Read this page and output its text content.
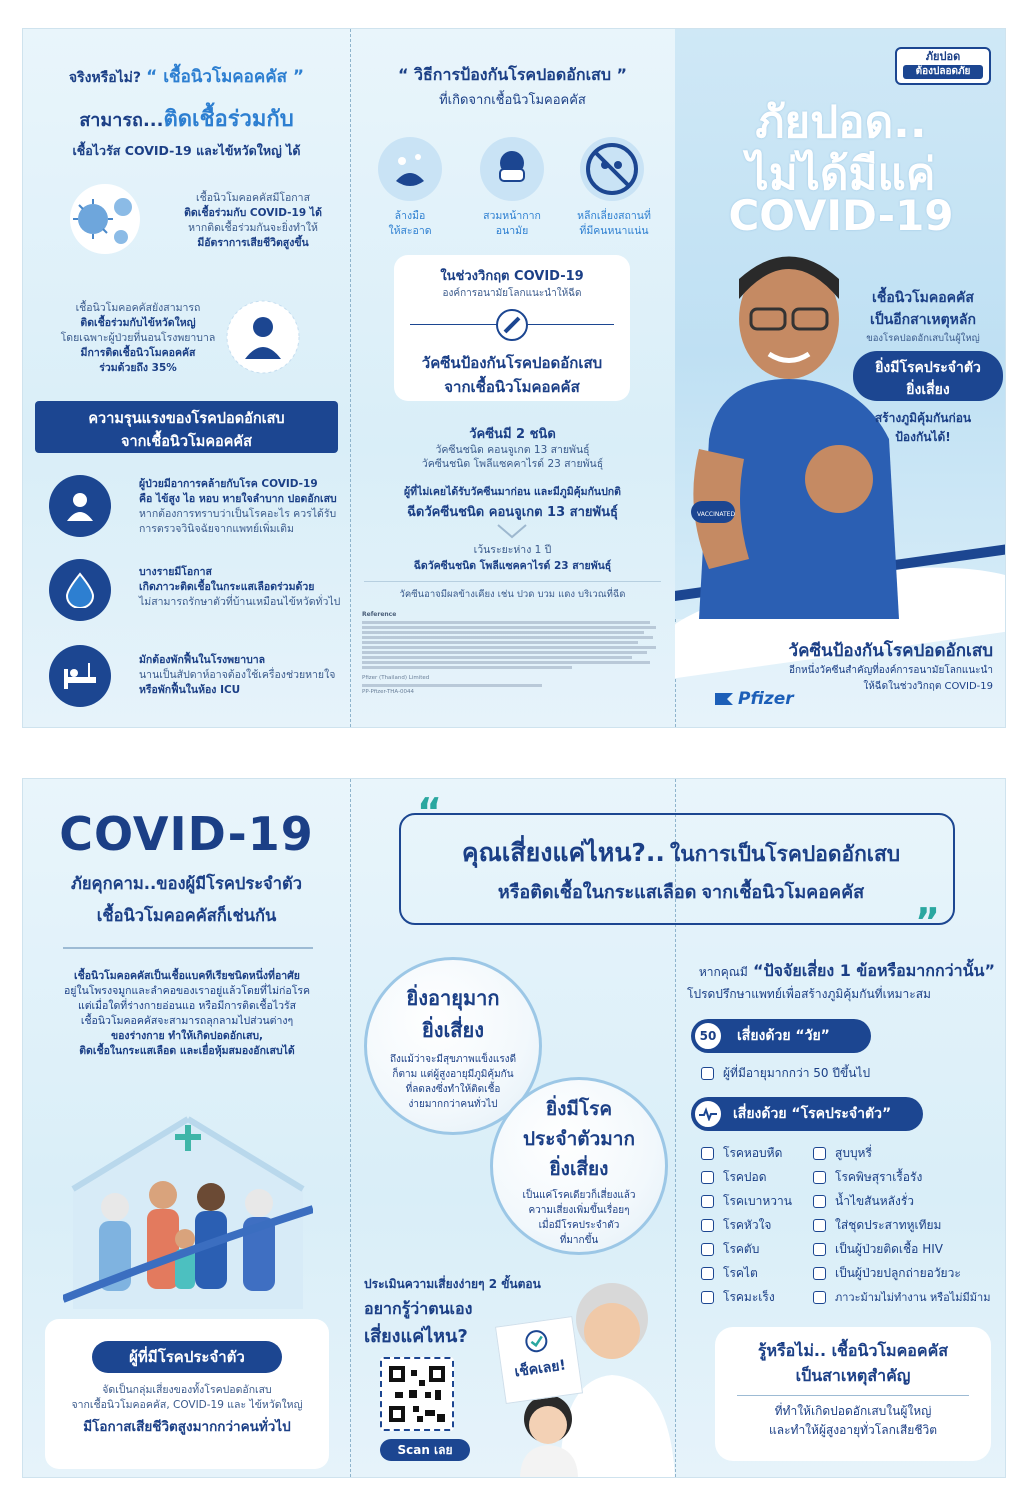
จริงหรือไม่? “ เชื้อนิวโมคอคคัส ”
สามารถ...ติดเชื้อร่วมกับ
เชื้อไวรัส COVID-19 และไข้หวัดใหญ่ ได้
เชื้อนิวโมคอคคัสมีโอกาส
ติดเชื้อร่วมกับ COVID-19 ได้
หากติดเชื้อร่วมกันจะยิ่งทำให้
มีอัตราการเสียชีวิตสูงขึ้น
เชื้อนิวโมคอคคัสยังสามารถ
ติดเชื้อร่วมกับไข้หวัดใหญ่
โดยเฉพาะผู้ป่วยที่นอนโรงพยาบาล
มีการติดเชื้อนิวโมคอคคัส
ร่วมด้วยถึง 35%
ความรุนแรงของโรคปอดอักเสบ
จากเชื้อนิวโมคอคคัส
ผู้ป่วยมีอาการคล้ายกับโรค COVID-19
คือ ไข้สูง ไอ หอบ หายใจลำบาก ปอดอักเสบ
หากต้องการทราบว่าเป็นโรคอะไร ควรได้รับ
การตรวจวินิจฉัยจากแพทย์เพิ่มเติม
บางรายมีโอกาส
เกิดภาวะติดเชื้อในกระแสเลือดร่วมด้วย
ไม่สามารถรักษาตัวที่บ้านเหมือนไข้หวัดทั่วไป
มักต้องพักฟื้นในโรงพยาบาล
นานเป็นสัปดาห์อาจต้องใช้เครื่องช่วยหายใจ
หรือพักฟื้นในห้อง ICU
“ วิธีการป้องกันโรคปอดอักเสบ ”
ที่เกิดจากเชื้อนิวโมคอคคัส
ล้างมือ
ให้สะอาด
สวมหน้ากาก
อนามัย
หลีกเลี่ยงสถานที่
ที่มีคนหนาแน่น
ในช่วงวิกฤต COVID-19
องค์การอนามัยโลกแนะนำให้ฉีด
วัคซีนป้องกันโรคปอดอักเสบ
จากเชื้อนิวโมคอคคัส
วัคซีนมี 2 ชนิด
วัคซีนชนิด คอนจูเกต 13 สายพันธุ์
วัคซีนชนิด โพลีแซคคาไรด์ 23 สายพันธุ์
ผู้ที่ไม่เคยได้รับวัคซีนมาก่อน และมีภูมิคุ้มกันปกติ
ฉีดวัคซีนชนิด คอนจูเกต 13 สายพันธุ์
เว้นระยะห่าง 1 ปี
ฉีดวัคซีนชนิด โพลีแซคคาไรด์ 23 สายพันธุ์
วัคซีนอาจมีผลข้างเคียง เช่น ปวด บวม แดง บริเวณที่ฉีด
Reference
Pfizer (Thailand) Limited
PP-Pfizer-THA-0044
ภัยปอด
ต้องปลอดภัย
ภัยปอด..
ไม่ได้มีแค่
COVID-19
VACCINATED
เชื้อนิวโมคอคคัส
เป็นอีกสาเหตุหลัก
ของโรคปอดอักเสบในผู้ใหญ่
ยิ่งมีโรคประจำตัว
ยิ่งเสี่ยง
สร้างภูมิคุ้มกันก่อน
ป้องกันได้!
วัคซีนป้องกันโรคปอดอักเสบ
อีกหนึ่งวัคซีนสำคัญที่องค์การอนามัยโลกแนะนำ
ให้ฉีดในช่วงวิกฤต COVID-19
Pfizer
COVID-19
ภัยคุกคาม..ของผู้มีโรคประจำตัว
เชื้อนิวโมคอคคัสก็เช่นกัน
เชื้อนิวโมคอคคัสเป็นเชื้อแบคทีเรียชนิดหนึ่งที่อาศัย
อยู่ในโพรงจมูกและลำคอของเราอยู่แล้วโดยที่ไม่ก่อโรค
แต่เมื่อใดที่ร่างกายอ่อนแอ หรือมีการติดเชื้อไวรัส
เชื้อนิวโมคอคคัสจะสามารถลุกลามไปส่วนต่างๆ
ของร่างกาย ทำให้เกิดปอดอักเสบ,
ติดเชื้อในกระแสเลือด และเยื่อหุ้มสมองอักเสบได้
ผู้ที่มีโรคประจำตัว
จัดเป็นกลุ่มเสี่ยงของทั้งโรคปอดอักเสบ
จากเชื้อนิวโมคอคคัส, COVID-19 และ ไข้หวัดใหญ่
มีโอกาสเสียชีวิตสูงมากกว่าคนทั่วไป
“
”
คุณเสี่ยงแค่ไหน?.. ในการเป็นโรคปอดอักเสบ
หรือติดเชื้อในกระแสเลือด จากเชื้อนิวโมคอคคัส
ยิ่งอายุมาก
ยิ่งเสี่ยง
ถึงแม้ว่าจะมีสุขภาพแข็งแรงดี
ก็ตาม แต่ผู้สูงอายุมีภูมิคุ้มกัน
ที่ลดลงซึ่งทำให้ติดเชื้อ
ง่ายมากกว่าคนทั่วไป	ยิ่งมีโรค
ประจำตัวมาก
ยิ่งเสี่ยง
เป็นแค่โรคเดียวก็เสี่ยงแล้ว
ความเสี่ยงเพิ่มขึ้นเรื่อยๆ
เมื่อมีโรคประจำตัว
ที่มากขึ้น
ประเมินความเสี่ยงง่ายๆ 2 ขั้นตอน
อยากรู้ว่าตนเอง
เสี่ยงแค่ไหน?
Scan เลย
เช็คเลย!
หากคุณมี “ปัจจัยเสี่ยง 1 ข้อหรือมากกว่านั้น”
โปรดปรึกษาแพทย์เพื่อสร้างภูมิคุ้มกันที่เหมาะสม
50	เสี่ยงด้วย “วัย”
ผู้ที่มีอายุมากกว่า 50 ปีขึ้นไป
เสี่ยงด้วย “โรคประจำตัว”
โรคหอบหืด
โรคปอด
โรคเบาหวาน
โรคหัวใจ
โรคตับ
โรคไต
โรคมะเร็ง
สูบบุหรี่
โรคพิษสุราเรื้อรัง
น้ำไขสันหลังรั่ว
ใส่ชุดประสาทหูเทียม
เป็นผู้ป่วยติดเชื้อ HIV
เป็นผู้ป่วยปลูกถ่ายอวัยวะ
ภาวะม้ามไม่ทำงาน หรือไม่มีม้าม
รู้หรือไม่.. เชื้อนิวโมคอคคัส
เป็นสาเหตุสำคัญ
ที่ทำให้เกิดปอดอักเสบในผู้ใหญ่
และทำให้ผู้สูงอายุทั่วโลกเสียชีวิต
